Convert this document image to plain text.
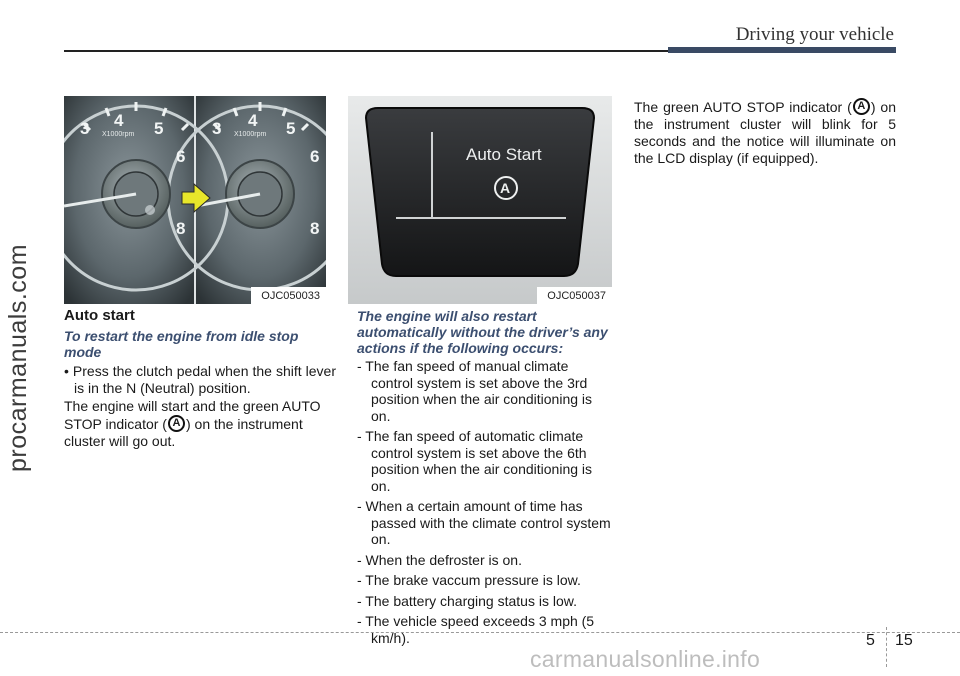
Driving your vehicle
procarmanuals.com
3 4 5
6
8
3 4 5
6
8
X1000rpm	X1000rpm
OJC050033
Auto Start
A
OJC050037
Auto start
To restart the engine from idle stop mode
• Press the clutch pedal when the shift lever is in the N (Neutral) position.
The engine will start and the green AUTO STOP indicator ( A ) on the instrument cluster will go out.
The engine will also restart automatically without the driver’s any actions if the following occurs:
- The fan speed of manual climate control system is set above the 3rd position when the air conditioning is on.
- The fan speed of automatic climate control system is set above the 6th position when the air conditioning is on.
- When a certain amount of time has passed with the climate control system on.
- When the defroster is on.
- The brake vaccum pressure is low.
- The battery charging status is low.
- The vehicle speed exceeds 3 mph (5 km/h).
The green AUTO STOP indicator ( A ) on the instrument cluster will blink for 5 seconds and the notice will illuminate on the LCD display (if equipped).
5 15
carmanualsonline.info
